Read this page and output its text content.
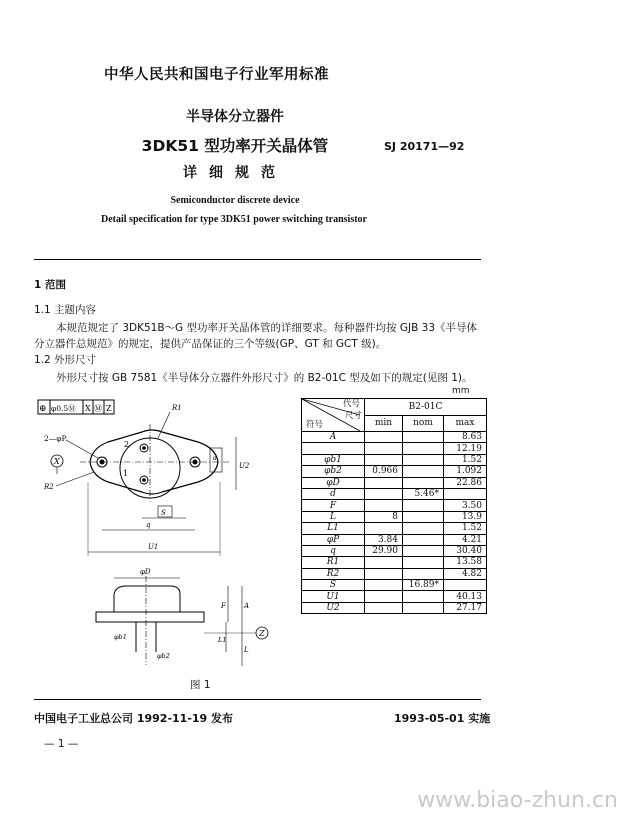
中华人民共和国电子行业军用标准
半导体分立器件
3DK51 型功率开关晶体管
详细规范
SJ 20171—92
Semiconductor discrete device
Detail specification for type 3DK51 power switching transistor
1 范围
1.1 主题内容
本规范规定了 3DK51B～G 型功率开关晶体管的详细要求。每种器件均按 GJB 33《半导体
分立器件总规范》的规定，提供产品保证的三个等级(GP、GT 和 GCT 级)。
1.2 外形尺寸
外形尺寸按 GB 7581《半导体分立器件外形尺寸》的 B2-01C 型及如下的规定(见图 1)。
⊕ φ0.5Ⓜ X Ⓜ Z
2
1
R1
2—φP
X
R2
U2
d
S
q
U1
φD
φb1
φb2
F	A
L1
L
Z
图 1
mm
代号
尺寸
符号	B2-01C		
	min	nom	max
A			8.63
			12.19
φb1			1.52
φb2	0.966		1.092
φD			22.86
d		5.46*	
F			3.50
L	8		13.9
L1			1.52
φP	3.84		4.21
q	29.90		30.40
R1			13.58
R2			4.82
S		16.89*	
U1			40.13
U2			27.17
中国电子工业总公司 1992-11-19 发布	1993-05-01 实施
— 1 —
www.biao-zhun.cn
